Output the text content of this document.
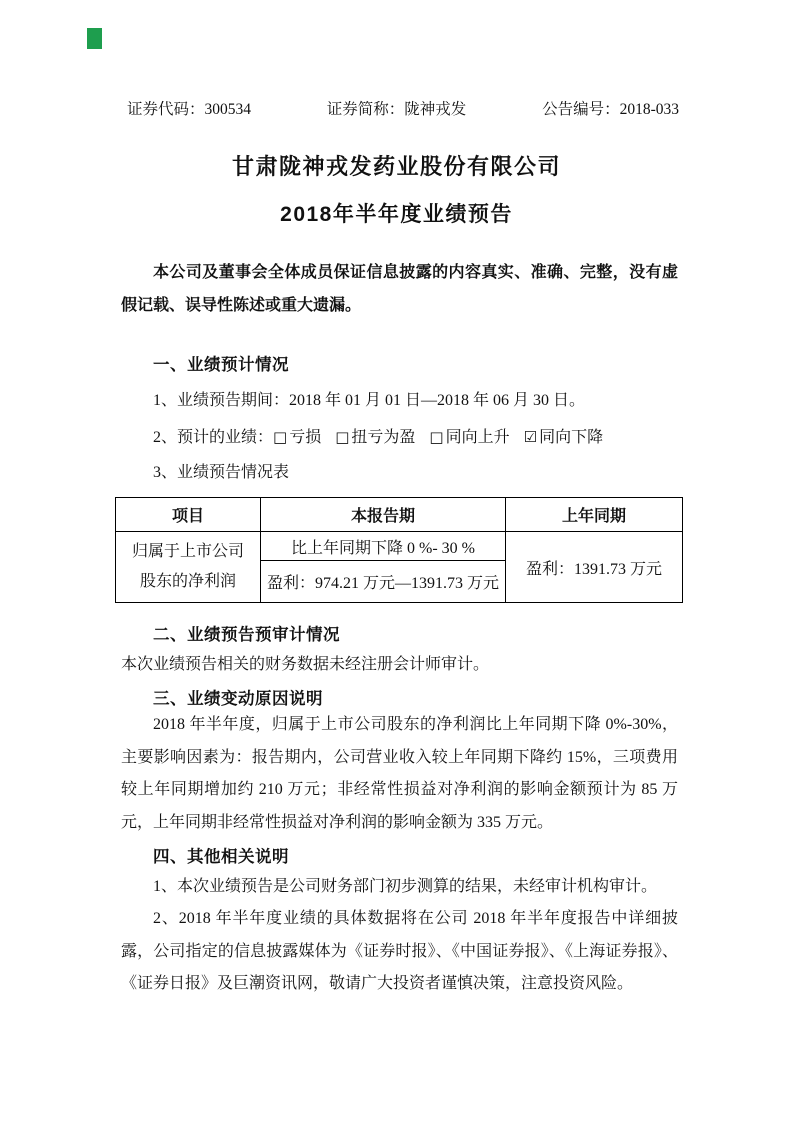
证券代码：300534	证券简称：陇神戎发	公告编号：2018-033
甘肃陇神戎发药业股份有限公司
2018年半年度业绩预告
本公司及董事会全体成员保证信息披露的内容真实、准确、完整，没有虚假记载、误导性陈述或重大遗漏。
一、业绩预计情况
1、业绩预告期间：2018 年 01 月 01 日—2018 年 06 月 30 日。
2、预计的业绩：□ 亏损 □ 扭亏为盈 □ 同向上升 ☑ 同向下降
3、业绩预告情况表
项目	本报告期	上年同期

归属于上市公司
股东的净利润	比上年同期下降 0 %- 30 %	盈利：1391.73 万元
	盈利：974.21 万元—1391.73 万元	
二、业绩预告预审计情况
本次业绩预告相关的财务数据未经注册会计师审计。
三、业绩变动原因说明
2018 年半年度，归属于上市公司股东的净利润比上年同期下降 0%-30%，主要影响因素为：报告期内，公司营业收入较上年同期下降约 15%，三项费用较上年同期增加约 210 万元；非经常性损益对净利润的影响金额预计为 85 万元，上年同期非经常性损益对净利润的影响金额为 335 万元。
四、其他相关说明
1、本次业绩预告是公司财务部门初步测算的结果，未经审计机构审计。
2、2018 年半年度业绩的具体数据将在公司 2018 年半年度报告中详细披露，公司指定的信息披露媒体为《证券时报》、《中国证券报》、《上海证券报》、《证券日报》及巨潮资讯网，敬请广大投资者谨慎决策，注意投资风险。
